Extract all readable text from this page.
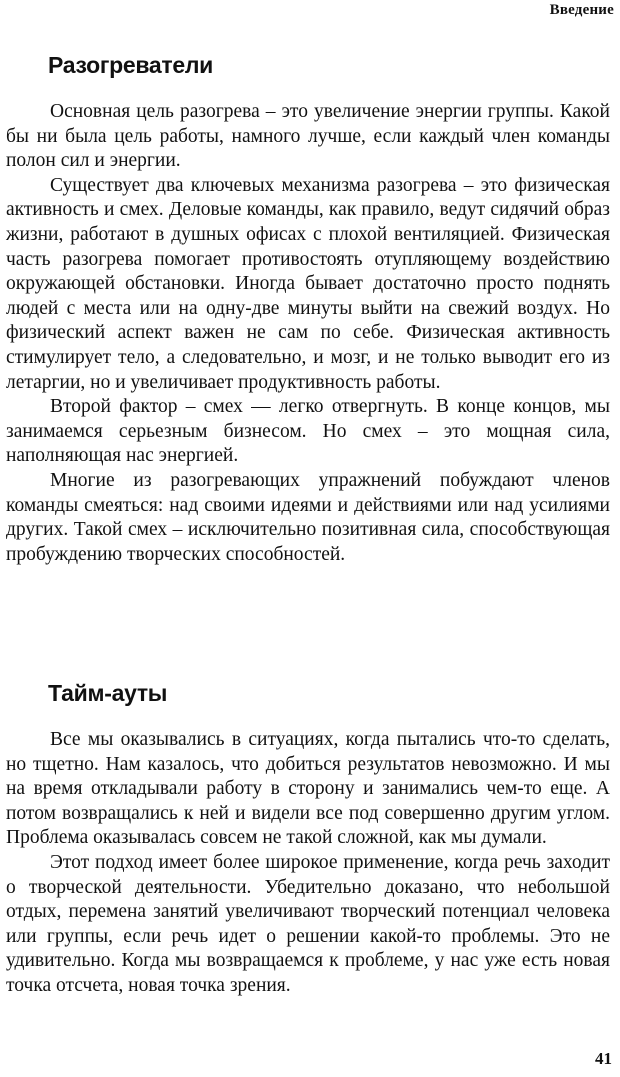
Введение
Разогреватели

Основная цель разогрева – это увеличение энергии группы. Какой бы ни была цель работы, намного лучше, если каждый член команды полон сил и энергии.

Существует два ключевых механизма разогрева – это физическая активность и смех. Деловые команды, как правило, ведут сидячий образ жизни, работают в душных офисах с плохой вентиляцией. Физическая часть разогрева помогает противостоять отупляющему воздействию окружающей обстановки. Иногда бывает достаточно просто поднять людей с места или на одну-две минуты выйти на свежий воздух. Но физический аспект важен не сам по себе. Физическая активность стимулирует тело, а следовательно, и мозг, и не только выводит его из летаргии, но и увеличивает продуктивность работы.

Второй фактор – смех — легко отвергнуть. В конце концов, мы занимаемся серьезным бизнесом. Но смех – это мощная сила, наполняющая нас энергией.

Многие из разогревающих упражнений побуждают членов команды смеяться: над своими идеями и действиями или над усилиями других. Такой смех – исключительно позитивная сила, способствующая пробуждению творческих способностей.

Тайм-ауты

Все мы оказывались в ситуациях, когда пытались что-то сделать, но тщетно. Нам казалось, что добиться результатов невозможно. И мы на время откладывали работу в сторону и занимались чем-то еще. А потом возвращались к ней и видели все под совершенно другим углом. Проблема оказывалась совсем не такой сложной, как мы думали.

Этот подход имеет более широкое применение, когда речь заходит о творческой деятельности. Убедительно доказано, что небольшой отдых, перемена занятий увеличивают творческий потенциал человека или группы, если речь идет о решении какой-то проблемы. Это не удивительно. Когда мы возвращаемся к проблеме, у нас уже есть новая точка отсчета, новая точка зрения.

41
